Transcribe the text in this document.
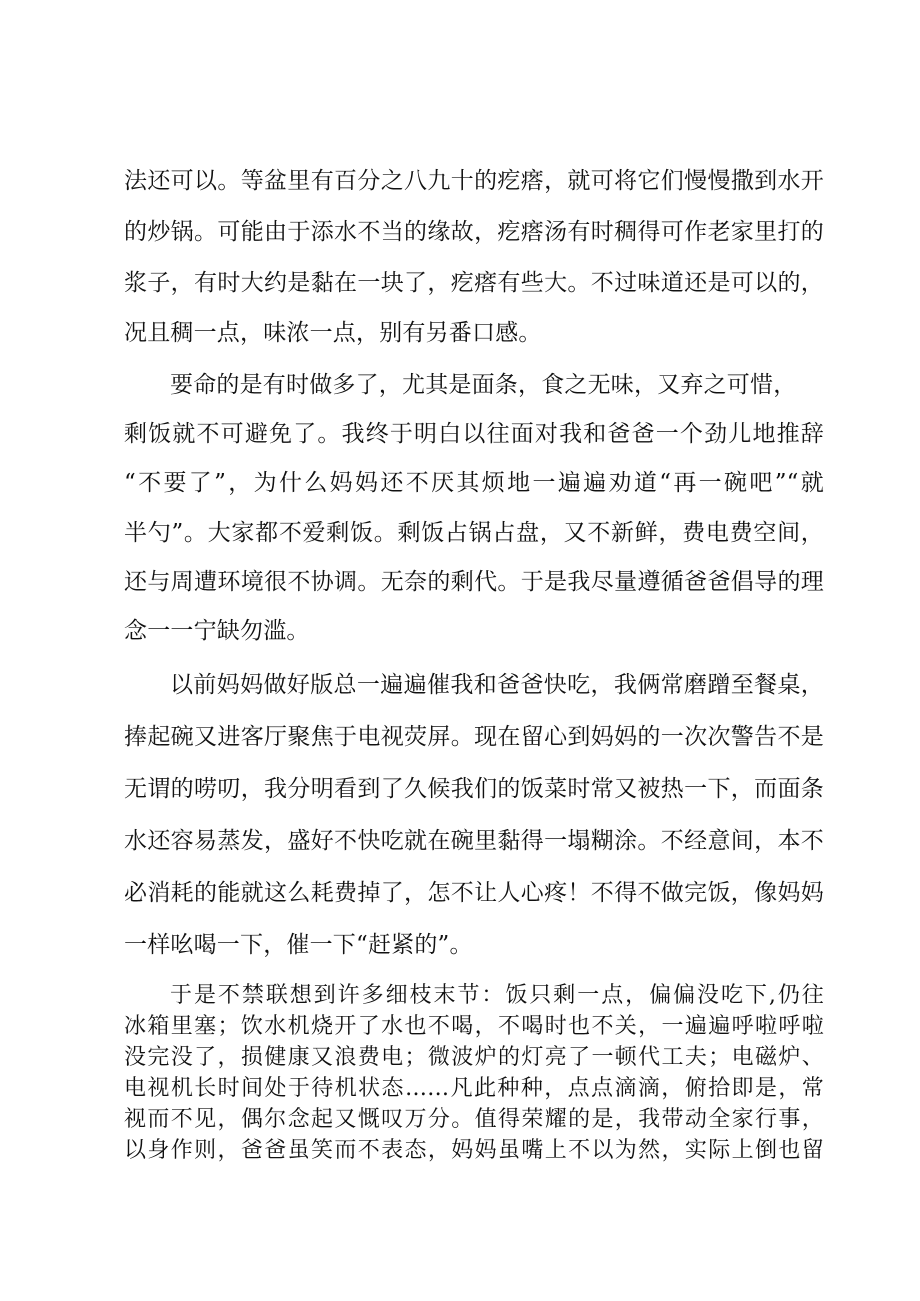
法还可以。等盆里有百分之八九十的疙瘩，就可将它们慢慢撒到水开
的炒锅。可能由于添水不当的缘故，疙瘩汤有时稠得可作老家里打的
浆子，有时大约是黏在一块了，疙瘩有些大。不过味道还是可以的，
况且稠一点，味浓一点，别有另番口感。
要命的是有时做多了，尤其是面条，食之无味，又弃之可惜，
剩饭就不可避免了。我终于明白以往面对我和爸爸一个劲儿地推辞
“不要了”，为什么妈妈还不厌其烦地一遍遍劝道“再一碗吧”“就
半勺”。大家都不爱剩饭。剩饭占锅占盘，又不新鲜，费电费空间，
还与周遭环境很不协调。无奈的剩代。于是我尽量遵循爸爸倡导的理
念一一宁缺勿滥。
以前妈妈做好版总一遍遍催我和爸爸快吃，我俩常磨蹭至餐桌，
捧起碗又进客厅聚焦于电视荧屏。现在留心到妈妈的一次次警告不是
无谓的唠叨，我分明看到了久候我们的饭菜时常又被热一下，而面条
水还容易蒸发，盛好不快吃就在碗里黏得一塌糊涂。不经意间，本不
必消耗的能就这么耗费掉了，怎不让人心疼！不得不做完饭，像妈妈
一样吆喝一下，催一下“赶紧的”。
于是不禁联想到许多细枝末节：饭只剩一点，偏偏没吃下,仍往
冰箱里塞；饮水机烧开了水也不喝，不喝时也不关，一遍遍呼啦呼啦
没完没了，损健康又浪费电；微波炉的灯亮了一顿代工夫；电磁炉、
电视机长时间处于待机状态……凡此种种，点点滴滴，俯拾即是，常
视而不见，偶尔念起又慨叹万分。值得荣耀的是，我带动全家行事，
以身作则，爸爸虽笑而不表态，妈妈虽嘴上不以为然，实际上倒也留
